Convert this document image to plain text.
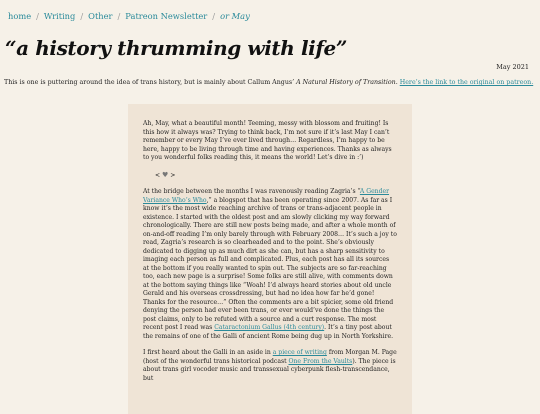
home / Writing / Other / Patreon Newsletter / or May
“a history thrumming with life”
May 2021
This is one is puttering around the idea of trans history, but is mainly about Callum Angus’ A Natural History of Transition. Here’s the link to the original on patreon.

Ah, May, what a beautiful month! Teeming, messy with blossom and fruiting! Is this how it always was? Trying to think back, I’m not sure if it’s last May I can’t remember or every May I’ve ever lived through… Regardless, I’m happy to be here, happy to be living through time and having experiences. Thanks as always to you wonderful folks reading this, it means the world! Let’s dive in :’)

< ♥ >

At the bridge between the months I was ravenously reading Zagria’s “A Gender Variance Who’s Who,” a blogspot that has been operating since 2007. As far as I know it’s the most wide reaching archive of trans or trans-adjacent people in existence. I started with the oldest post and am slowly clicking my way forward chronologically. There are still new posts being made, and after a whole month of on-and-off reading I’m only barely through with February 2008… It’s such a joy to read, Zagria’s research is so clearheaded and to the point. She’s obviously dedicated to digging up as much dirt as she can, but has a sharp sensitivity to imaging each person as full and complicated. Plus, each post has all its sources at the bottom if you really wanted to spin out. The subjects are so far-reaching too, each new page is a surprise! Some folks are still alive, with comments down at the bottom saying things like “Woah! I’d always heard stories about old uncle Gerald and his overseas crossdressing, but had no idea how far he’d gone! Thanks for the resource…” Often the comments are a bit spicier, some old friend denying the person had ever been trans, or ever would’ve done the things the post claims, only to be refuted with a source and a curt response. The most recent post I read was Cataractonium Gallus (4th century). It’s a tiny post about the remains of one of the Galli of ancient Rome being dug up in North Yorkshire.

I first heard about the Galli in an aside in a piece of writing from Morgan M. Page (host of the wonderful trans historical podcast One From the Vaults). The piece is about trans girl vocoder music and transsexual cyberpunk flesh-transcendance, but
